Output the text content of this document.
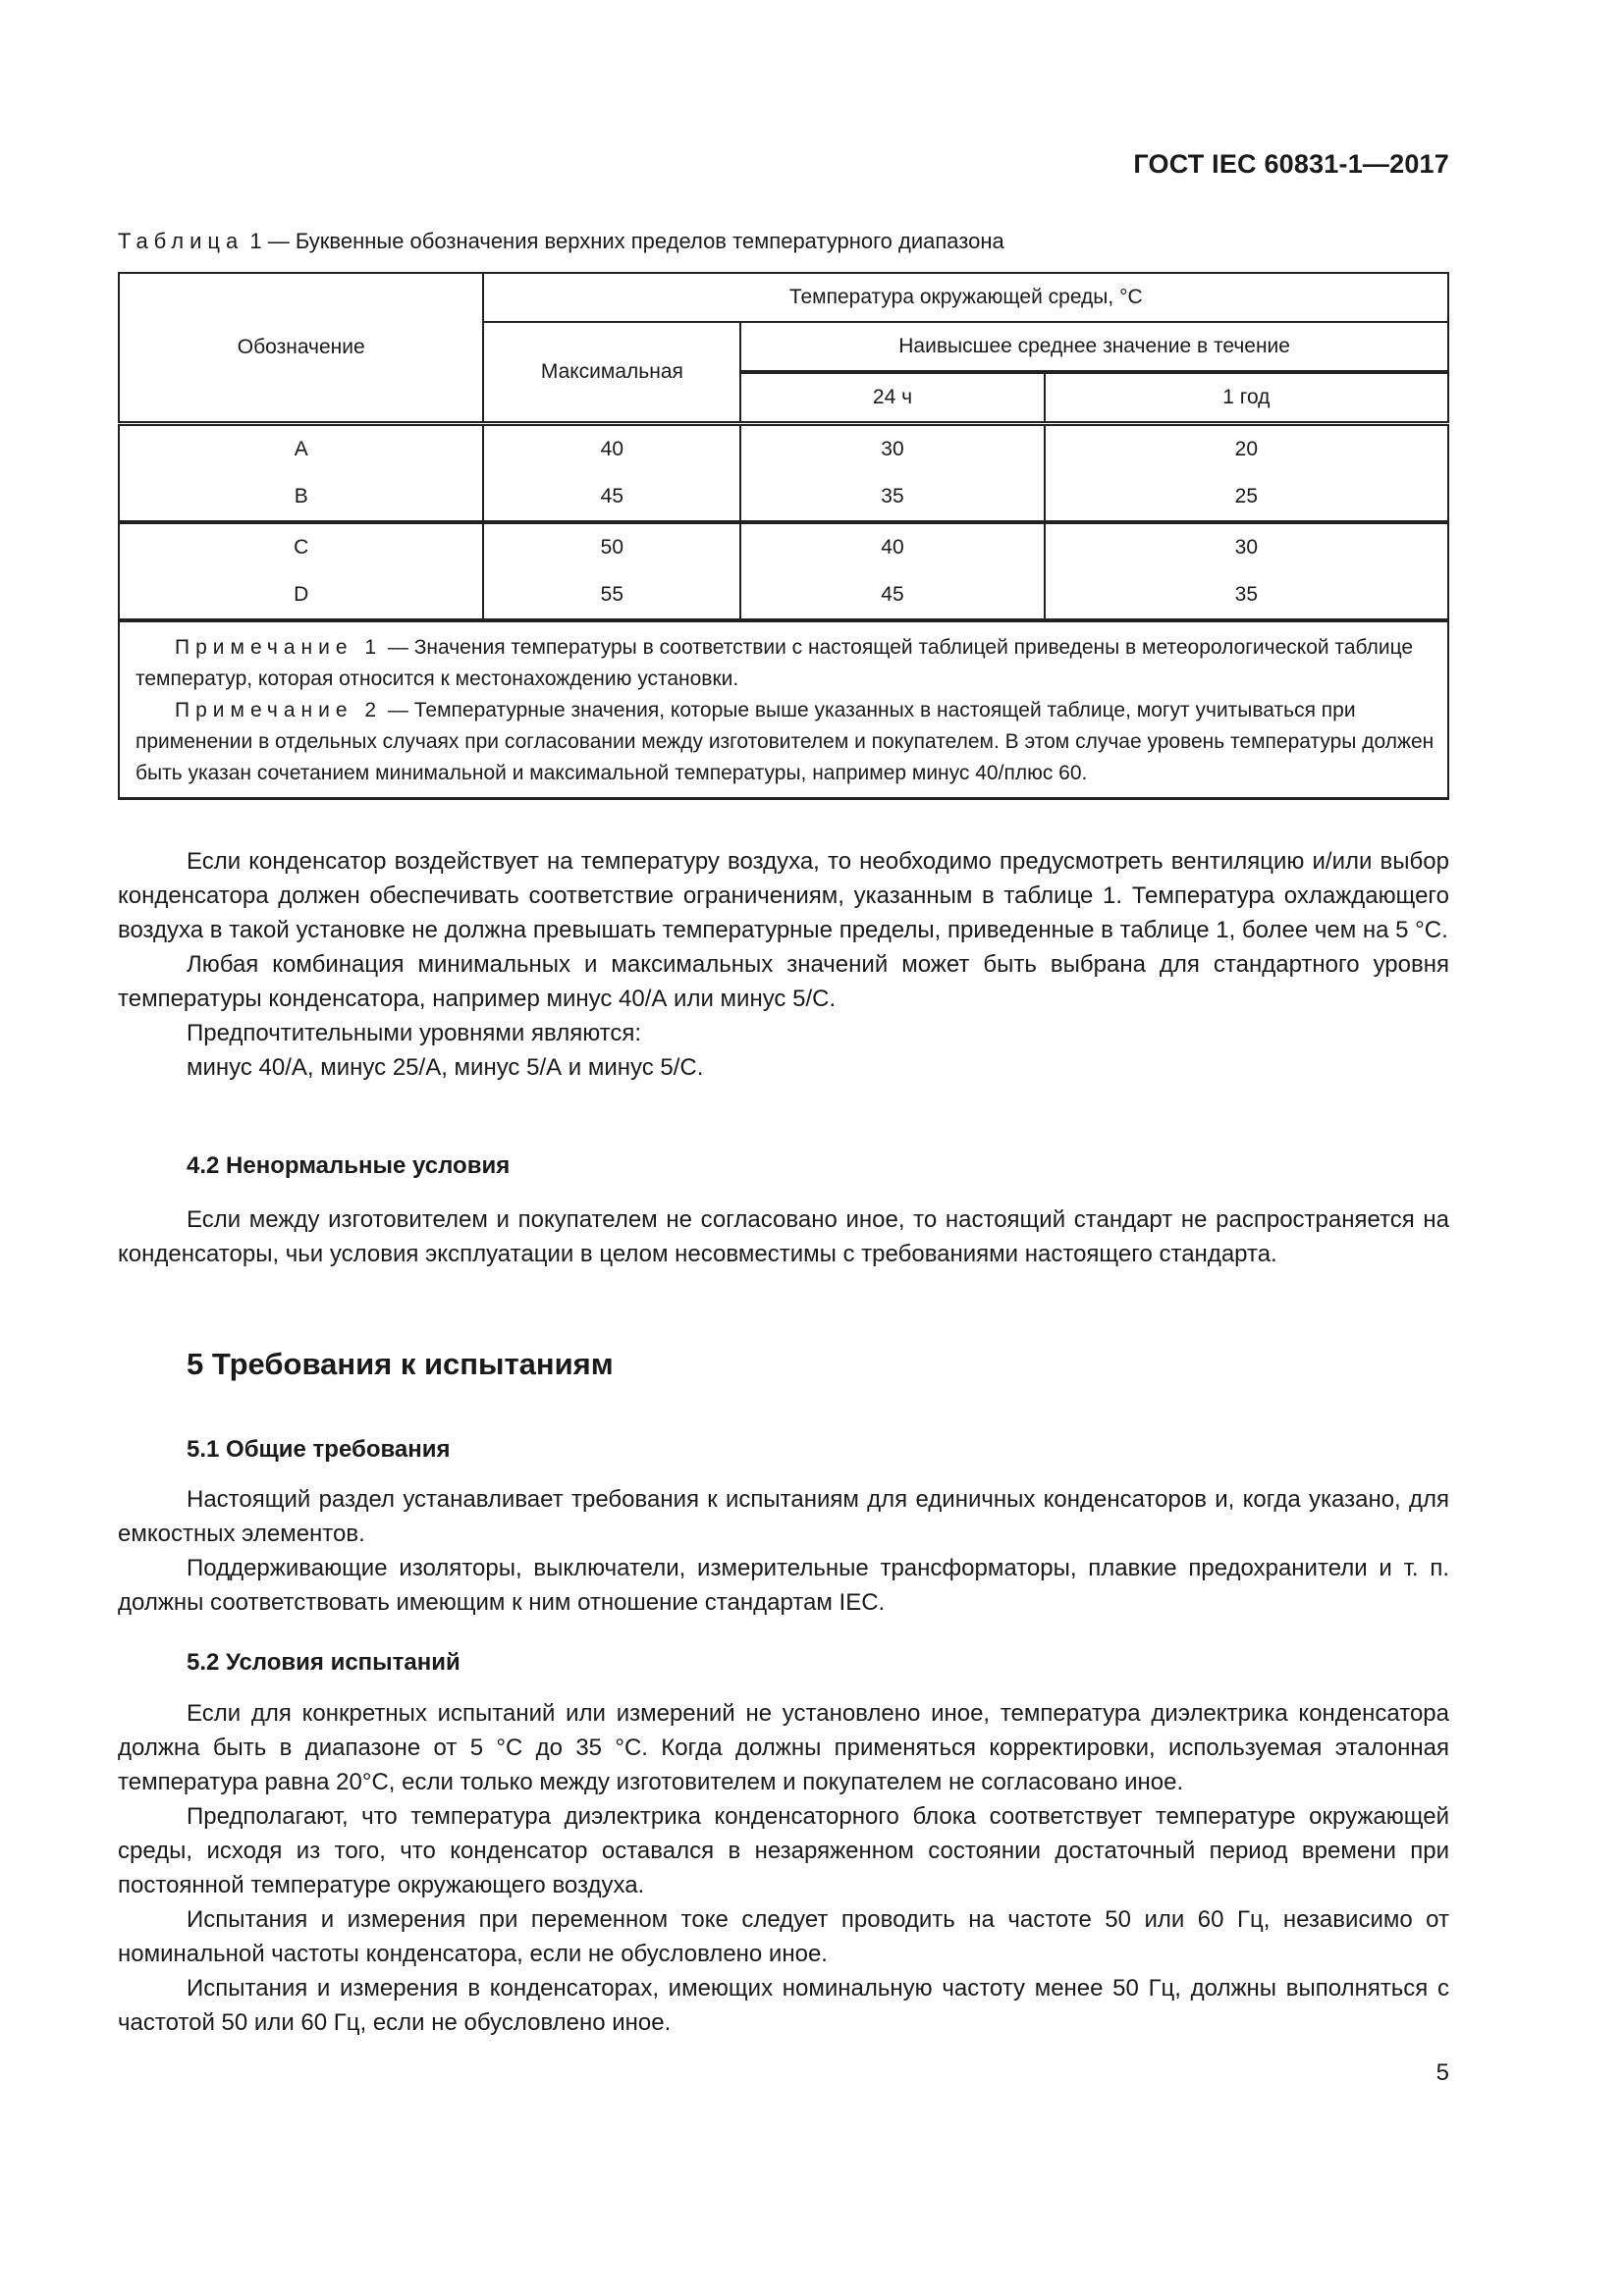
ГОСТ IEC 60831-1—2017
Таблица 1 — Буквенные обозначения верхних пределов температурного диапазона
Обозначение	Температура окружающей среды, °C		
	Максимальная	Наивысшее среднее значение в течение	
		24 ч	1 год
A	40	30	20
B	45	35	25
C	50	40	30
D	55	45	35

Примечание 1 — Значения температуры в соответствии с настоящей таблицей приведены в метеорологической таблице температур, которая относится к местонахождению установки.
Примечание 2 — Температурные значения, которые выше указанных в настоящей таблице, могут учитываться при применении в отдельных случаях при согласовании между изготовителем и покупателем. В этом случае уровень температуры должен быть указан сочетанием минимальной и максимальной температуры, например минус 40/плюс 60.			

Если конденсатор воздействует на температуру воздуха, то необходимо предусмотреть вентиляцию и/или выбор конденсатора должен обеспечивать соответствие ограничениям, указанным в таблице 1. Температура охлаждающего воздуха в такой установке не должна превышать температурные пределы, приведенные в таблице 1, более чем на 5 °С.

Любая комбинация минимальных и максимальных значений может быть выбрана для стандартного уровня температуры конденсатора, например минус 40/А или минус 5/С.

Предпочтительными уровнями являются:

минус 40/А, минус 25/А, минус 5/А и минус 5/С.

4.2 Ненормальные условия

Если между изготовителем и покупателем не согласовано иное, то настоящий стандарт не распространяется на конденсаторы, чьи условия эксплуатации в целом несовместимы с требованиями настоящего стандарта.

5 Требования к испытаниям
5.1 Общие требования

Настоящий раздел устанавливает требования к испытаниям для единичных конденсаторов и, когда указано, для емкостных элементов.

Поддерживающие изоляторы, выключатели, измерительные трансформаторы, плавкие предохранители и т. п. должны соответствовать имеющим к ним отношение стандартам IEC.

5.2 Условия испытаний

Если для конкретных испытаний или измерений не установлено иное, температура диэлектрика конденсатора должна быть в диапазоне от 5 °С до 35 °С. Когда должны применяться корректировки, используемая эталонная температура равна 20°С, если только между изготовителем и покупателем не согласовано иное.

Предполагают, что температура диэлектрика конденсаторного блока соответствует температуре окружающей среды, исходя из того, что конденсатор оставался в незаряженном состоянии достаточный период времени при постоянной температуре окружающего воздуха.

Испытания и измерения при переменном токе следует проводить на частоте 50 или 60 Гц, независимо от номинальной частоты конденсатора, если не обусловлено иное.

Испытания и измерения в конденсаторах, имеющих номинальную частоту менее 50 Гц, должны выполняться с частотой 50 или 60 Гц, если не обусловлено иное.

5
